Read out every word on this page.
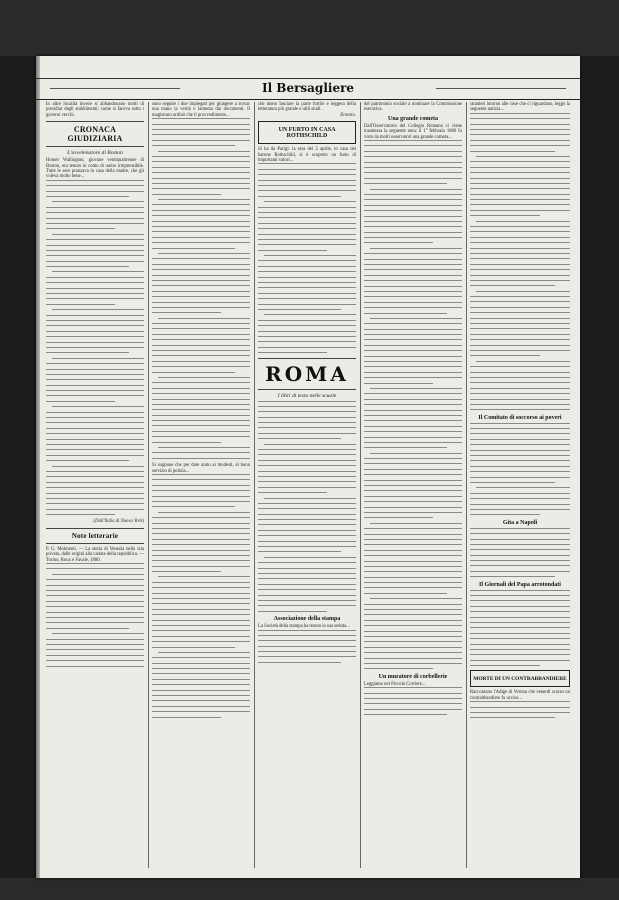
Il Bersagliere

In altre località invece si abbandonano molti di presidiar degli stabilimenti; come si faceva sotto i governi vecchi.

CRONACA GIUDIZIARIA
L'avvelenatore di Boston

Homer Wallington, giovane ventiquattrenne di Boston, era tenuto in conto di uomo irreprensibile. Tutte le sere pranzava in casa della madre, che gli voleva molto bene...

(Dall'Italia di Nuova York)

Note letterarie

P. G. Molmenti. — La storia di Venezia nella vita privata, dalle origini alla caduta della repubblica. — Torino, Roux e Favale, 1880.

sono seguite i due impiegati per giungere a trovar una mano la verità e lamenta dai documenti. Il magistrato ordinò che il provvedimento...

Si suppone che per dare aiuto ai modesti, al buon servizio di polizia...

che meno lasciare la parte fortile e leggera della letteratura più grande e utili studi.

Ernesto.

UN FURTO IN CASA ROTHSCHILD

Si ha da Parigi: la sera del 2 aprile, in casa del barone Rothschild, si è scoperto un furto di importanti valori...

ROMA
I libri di testo nelle scuole
Associazione della stampa

La Società della stampa ha tenuto la sua seduta...

del patrimonio sociale a nominare la Commissione esecutiva.

Una grande cometa

Dall'Osservatorio del Collegio Romano ci viene trasmessa la seguente nota: il 1° febbraio 1880 fu visto da molti osservatori una grande cometa...

Un muratore di corbellerie

Leggiamo nel Piccolo Corriere...

stranieri intorno alle cose che ci riguardano, leggo la seguente notizia...

Il Comitato di soccorso ai poveri
Gita a Napoli
Il Giornali del Papa arrotondati
MORTE DI UN CONTRABBANDIERE

Raccontano l'Adige di Verona che venerdì scorso un contrabbandiere fu ucciso...
